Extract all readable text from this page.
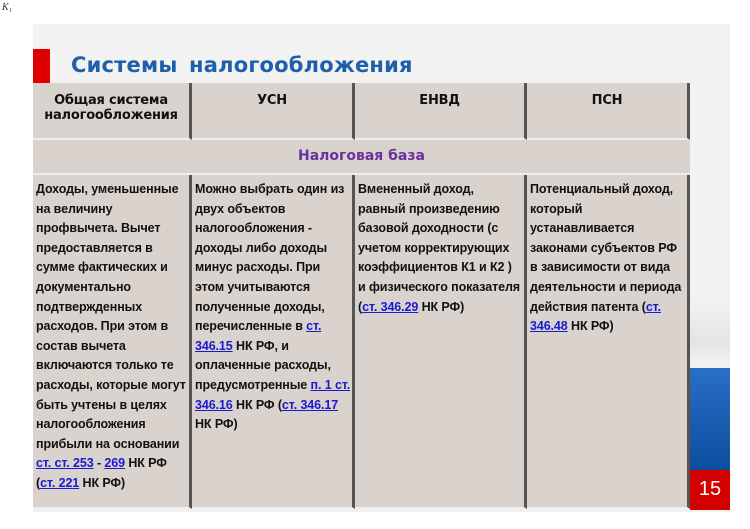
K₁
Системы налогообложения
15
Общая система налогообложения
УСН	ЕНВД	ПСН
Налоговая база
Доходы, уменьшенные
на величину
профвычета. Вычет
предоставляется в
сумме фактических и
документально
подтвержденных
расходов. При этом в
состав вычета
включаются только те
расходы, которые могут
быть учтены в целях
налогообложения
прибыли на основании
ст. ст. 253 - 269 НК РФ
(ст. 221 НК РФ)
Можно выбрать один из
двух объектов
налогообложения -
доходы либо доходы
минус расходы. При
этом учитываются
полученные доходы,
перечисленные в ст.
346.15 НК РФ, и
оплаченные расходы,
предусмотренные п. 1 ст.
346.16 НК РФ (ст. 346.17
НК РФ)
Вмененный доход,
равный произведению
базовой доходности (с
учетом корректирующих
коэффициентов К1 и К2 )
и физического показателя
(ст. 346.29 НК РФ)
Потенциальный доход,
который
устанавливается
законами субъектов РФ
в зависимости от вида
деятельности и периода
действия патента (ст.
346.48 НК РФ)
